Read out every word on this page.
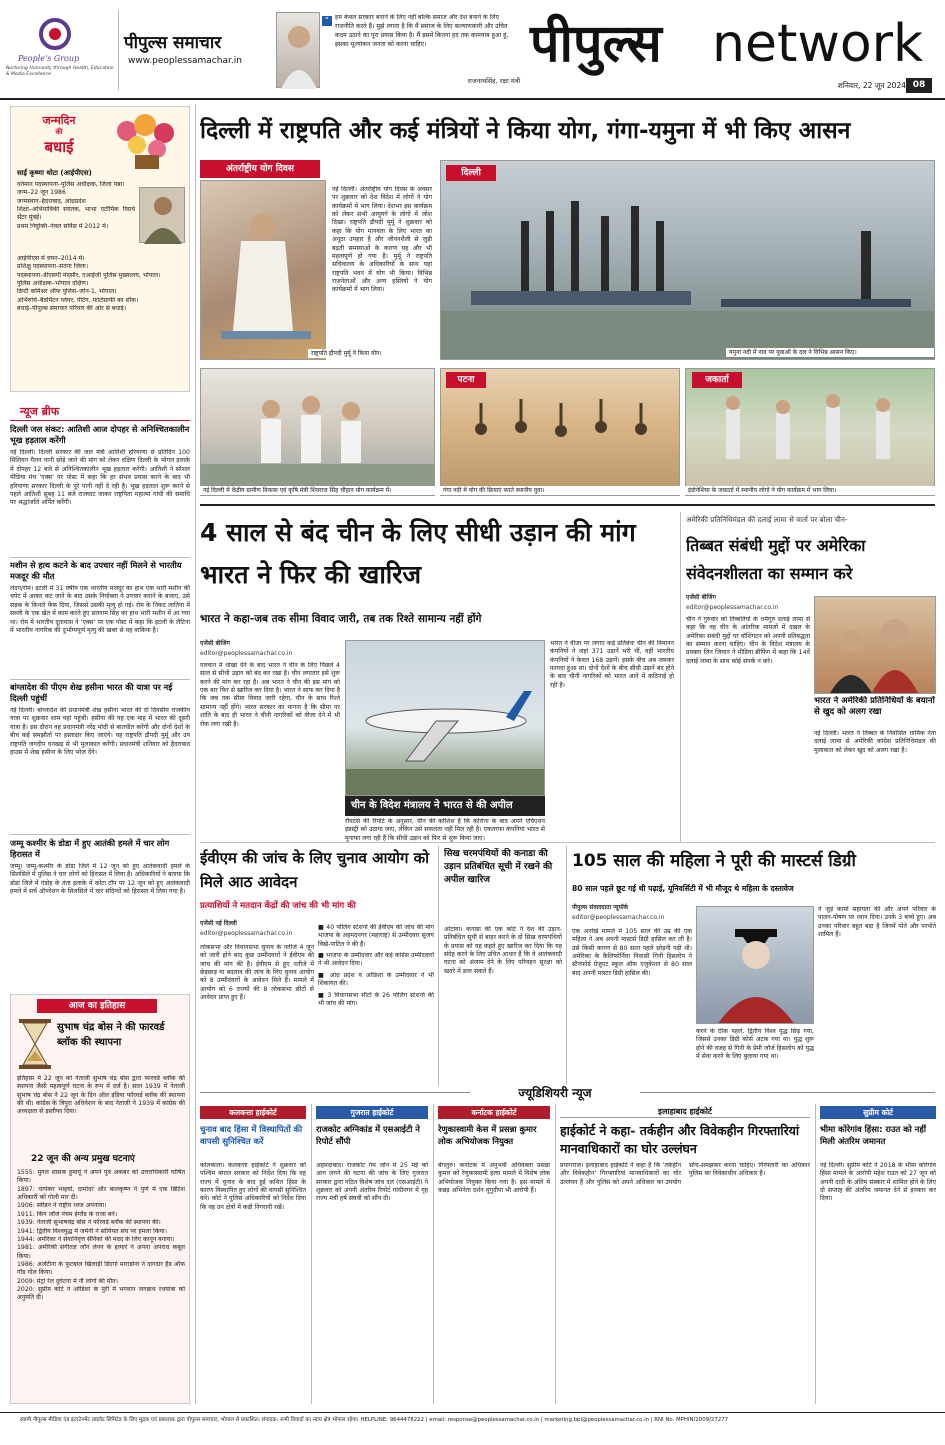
People's Group
Nurturing Humanity through Health, Education & Media Excellence
पीपुल्स समाचार
www.peoplessamachar.in
“ हम केवल सरकार बनाने के लिए नहीं बल्कि समाज और देश बनाने के लिए राजनीति करते हैं। मुझे लगता है कि मैं समाज के लिए कल्याणकारी और उचित कदम उठाने का पूरा प्रयास किया है। मैं इसमें कितना हद तक कामयाब हुआ हूं, इसका मूल्यांकन जनता को करना चाहिए।
राजनाथसिंह, रक्षा मंत्री
पीपुल्स network
शनिवार, 22 जून 2024 08
जन्मदिन
की
बधाई
साईं कृष्णा थोटा (आईपीएस)
वर्तमान पदस्थापना–पुलिस अधीक्षक, जिला पन्ना।
जन्म–22 जून 1986
जन्मस्थान–हैदराबाद, आंध्रप्रदेश
शिक्षा–अभियांत्रिकी स्नातक, भाभा एटॉमिक रिसर्च सेंटर मुंबई।
प्रथम नियुक्ति–नेवल सर्विस में 2012 में।
आईपीएस में चयन–2014 में।
प्रशिक्षु पदस्थापना–सतना जिला।
पदस्थापना–डीएसपी मंदसौर, एआईजी पुलिस मुख्यालय, भोपाल।
पुलिस अधीक्षक–भोपाल दक्षिण।
डिप्टी कमिश्नर ऑफ पुलिस–जोन-1, भोपाल।
अभिरुचि–बैडमिंटन प्लेयर, पेंटिंग, फोटोग्राफी का शौक।
बधाई–पीपुल्स समाचार परिवार की ओर से बधाई।
न्यूज ब्रीफ
दिल्ली जल संकट: आतिशी आज दोपहर से अनिश्चितकालीन भूख हड़ताल करेंगी
नई दिल्ली। दिल्ली सरकार की जल मंत्री आतिशी हरियाणा से प्रतिदिन 100 मिलियन गैलन पानी छोड़े जाने की मांग को लेकर दक्षिण दिल्ली के भोगल इलाके में दोपहर 12 बजे से अनिश्चितकालीन भूख हड़ताल करेंगी। आतिशी ने सोशल मीडिया मंच 'एक्स' पर पोस्ट में कहा कि हर संभव प्रयास करने के बाद भी हरियाणा सरकार दिल्ली के पूरे पानी नहीं दे रही है। भूख हड़ताल शुरू करने से पहले आतिशी सुबह 11 बजे राजघाट जाकर राष्ट्रपिता महात्मा गांधी की समाधि पर श्रद्धांजलि अर्पित करेंगी।
मशीन से हाथ कटने के बाद उपचार नहीं मिलने से भारतीय मजदूर की मौत
लंदन/रोम। इटली में 31 वर्षीय एक भारतीय मजदूर का हाथ एक भारी मशीन की चपेट में आकर कट जाने के बाद उसके नियोक्ता ने उपचार कराने के बजाए, उसे सड़क के किनारे फेंक दिया, जिससे उसकी मृत्यु हो गई। रोम के निकट लातिना में सब्जी के एक खेत में काम करते हुए सतनाम सिंह का हाथ भारी मशीन में आ गया था। रोम में भारतीय दूतावास ने 'एक्स' पर एक पोस्ट में कहा कि इटली के लैटिना में भारतीय नागरिक की दुर्भाग्यपूर्ण मृत्यु की खबर से वह वाकिफ है।
बांग्लादेश की पीएम शेख हसीना भारत की यात्रा पर नई दिल्ली पहुंचीं
नई दिल्ली। बांग्लादेश की प्रधानमंत्री शेख हसीना भारत की दो दिवसीय राजकीय यात्रा पर शुक्रवार शाम यहां पहुंचीं। हसीना की यह एक माह में भारत की दूसरी यात्रा है। इस दौरान वह प्रधानमंत्री नरेंद्र मोदी से बातचीत करेंगी और दोनों देशों के बीच कई समझौतों पर हस्ताक्षर किए जाएंगे। वह राष्ट्रपति द्रौपदी मुर्मू और उप राष्ट्रपति जगदीप धनखड़ से भी मुलाकात करेंगी। प्रधानमंत्री शनिवार को हैदराबाद हाउस में शेख हसीना के लिए भोज देंगे।
जम्मू कश्मीर के डोडा में हुए आतंकी हमले में चार लोग हिरासत में
जम्मू। जम्मू-कश्मीर के डोडा जिले में 12 जून को हुए आतंकवादी हमले के सिलसिले में पुलिस ने चार लोगों को हिरासत में लिया है। अधिकारियों ने बताया कि डोडा जिले में गंडोह के तंता इलाके में कोटा टॉप पर 12 जून को हुए आतंकवादी हमले में सर्च ऑपरेशन के सिलसिले में चार संदिग्धों को हिरासत में लिया गया है।
आज का इतिहास
सुभाष चंद्र बोस ने की फारवर्ड ब्लॉक की स्थापना
इतिहास में 22 जून को नेताजी सुभाष चंद्र बोस द्वारा फारवर्ड ब्लॉक की स्थापना जैसी महत्वपूर्ण घटना के रूप में दर्ज है। साल 1939 में नेताजी सुभाष चंद्र बोस ने 22 जून के दिन ऑल इंडिया फॉरवर्ड ब्लॉक की स्थापना की थी। कांग्रेस के त्रिपुरा अधिवेशन के बाद नेताजी ने 1939 में कांग्रेस की अध्यक्षता से इस्तीफा दिया।
22 जून की अन्य प्रमुख घटनाएं
1555: मुगल शासक हुमायूं ने अपने पुत्र अकबर को उत्तराधिकारी घोषित किया।
1897: चापेकर भाइयों, दामोदर और बालकृष्ण ने पुणे में एक ब्रिटिश अधिकारी को गोली मार दी।
1906: स्वीडन ने राष्ट्रीय ध्वज अपनाया।
1911: किंग जॉर्ज पंचम इंग्लैंड के राजा बने।
1939: नेताजी सुभाषचंद्र बोस ने फॉरवर्ड ब्लॉक की स्थापना की।
1941: द्वितीय विश्वयुद्ध में जर्मनी ने सोवियत संघ पर हमला किया।
1944: अमेरिका ने सेवानिवृत्त सैनिकों की मदद के लिए कानून बनाया।
1981: अमेरिकी संगीतज्ञ जॉन लेनन के हत्यारे ने अपना अपराध कबूल किया।
1986: अर्जेंटीना के फुटबाल खिलाड़ी डिएगो माराडोना ने दागदार हैंड ऑफ गॉड गोल किया।
2009: मेट्रो रेल दुर्घटना में नौ लोगों की मौत।
2020: सुप्रीम कोर्ट ने ओडिशा के पुरी में भगवान जगन्नाथ रथयात्रा को अनुमति दी।
दिल्ली में राष्ट्रपति और कई मंत्रियों ने किया योग, गंगा-यमुना में भी किए आसन
अंतर्राष्ट्रीय योग दिवस
नई दिल्ली। अंतर्राष्ट्रीय योग दिवस के अवसर पर शुक्रवार को देश विदेश में लोगों ने योग कार्यक्रमों में भाग लिया। देशभर इस कार्यक्रम को लेकर सभी आयुवर्ग के लोगों में जोश दिखा। राष्ट्रपति द्रौपदी मुर्मू ने शुक्रवार को कहा कि योग मानवता के लिए भारत का अनूठा उपहार है और जीवनशैली से जुड़ी बढ़ती समस्याओं के कारण यह और भी महत्वपूर्ण हो गया है। मुर्मू ने राष्ट्रपति सचिवालय के अधिकारियों के साथ यहां राष्ट्रपति भवन में योग भी किया। विभिन्न राजनेताओं और अन्य हस्तियों ने योग कार्यक्रमों में भाग लिया।
राष्ट्रपति द्रौपदी मुर्मू ने किया योग।
दिल्ली
यमुना नदी में नाव पर युवाओं के दल ने विभिन्न आसन किए।
नई दिल्ली में केंद्रीय ग्रामीण विकास एवं कृषि मंत्री शिवराज सिंह चौहान योग कार्यक्रम में।
पटना
गंगा नदी में योग की क्रियाएं करते स्थानीय युवा।
जकार्ता
इंडोनेशिया के जकार्ता में स्थानीय लोगों ने योग कार्यक्रम में भाग लिया।
4 साल से बंद चीन के लिए सीधी उड़ान की मांग भारत ने फिर की खारिज
भारत ने कहा-जब तक सीमा विवाद जारी, तब तक रिश्ते सामान्य नहीं होंगे
एजेंसी बीजिंग
editor@peoplessamachar.co.in
गलवान में धोखा देने के बाद भारत ने चीन के लिए पिछले 4 साल से सीधी उड़ान को बंद कर रखा है। चीन लगातार इसे शुरू करने की मांग कर रहा है। अब भारत ने चीन की इस मांग को एक बार फिर से खारिज कर दिया है। भारत ने साफ कर दिया है कि जब तक सीमा विवाद जारी रहेगा, चीन के साथ रिश्ते सामान्य नहीं होंगे। भारत सरकार का मानना है कि सीमा पर शांति के बाद ही भारत ने चीनी नागरिकों को वीजा देने में भी रोक लगा रखी है।
चीन के विदेश मंत्रालय ने भारत से की अपील
रॉयटर्स की रिपोर्ट के अनुसार, चीन की कोशिश है कि कोरोना के बाद अपने एविएशन इंडस्ट्री को उठाया जाए, लेकिन उसे सफलता नहीं मिल रही है। एकतरफा कंपनियां भारत से मुनाफा लगा रही हैं कि सीधी उड़ान को फिर से शुरू किया जाए।
भारत ने वीजा पर लगाए कड़े प्रतिबंधः चीन की विमानन कंपनियों ने जहां 371 उड़ानें भरी थीं, वहीं भारतीय कंपनियों ने केवल 168 उड़ानें। इसके बीच अब जमकर फायदा हुआ था। दोनों देशों के बीच सीधी उड़ानें बंद होने के बाद चीनी नागरिकों को भारत आने में कठिनाई हो रही है।
अमेरिकी प्रतिनिधिमंडल की दलाई लामा से वार्ता पर बोला चीन-
तिब्बत संबंधी मुद्दों पर अमेरिका संवेदनशीलता का सम्मान करे
एजेंसी बीजिंग
editor@peoplessamachar.co.in
चीन ने गुरुवार को तिब्बतियों के धर्मगुरु दलाई लामा से कहा कि वह चीन के आंतरिक मामलों में दखल के अमेरिका सबंधी मुद्दों पर वॉशिंगटन को अपनी प्रतिबद्धता का सम्मान करना चाहिए। चीन के विदेश मंत्रालय के प्रवक्ता लिन जियान ने मीडिया ब्रीफिंग में कहा कि 14वें दलाई लामा के साथ कोई संपर्क न करे।
भारत ने अमेरिकी प्रतिनिधियों के बयानों से खुद को अलग रखा
नई दिल्ली। भारत ने तिब्बत के निर्वासित धार्मिक नेता दलाई लामा से अमेरिकी कांग्रेस प्रतिनिधिमंडल की मुलाकात को लेकर खुद को अलग रखा है।
ईवीएम की जांच के लिए चुनाव आयोग को मिले आठ आवेदन
प्रत्याशियों ने मतदान केंद्रों की जांच की भी मांग की
एजेंसी नई दिल्ली
editor@peoplessamachar.co.in
लोकसभा और विधानसभा चुनाव के नतीजे 4 जून को जारी होने बाद कुछ उम्मीदवारों ने ईवीएम की जांच की मांग की है। ईवीएम से हुए नतीजे में छेड़छाड़ या बदलाव की जांच के लिए चुनाव आयोग को 8 उम्मीदवारों के आवेदन मिले हैं। मामले में आयोग को 6 राज्यों की 8 लोकसभा सीटों से आवेदन प्राप्त हुए हैं।
■ 40 पोलिंग स्टेशनों की ईवीएम की जांच की मांग भाजपा के अहमदनगर (महाराष्ट्र) से उम्मीदवार सुजय विखे-पाटिल ने की है।
■ भाजपा के उम्मीदवार और कई कांग्रेस उम्मीदवारों ने भी आवेदन दिया।
■ आंध्र प्रदेश व ओडिशा के उम्मीदवार ने भी शिकायत की।
■ 3 विधानसभा सीटों के 26 पोलिंग स्टेशनों की भी जांच की मांग।
सिख चरमपंथियों की कनाडा की उड़ान प्रतिबंधित सूची में रखने की अपील खारिज
ओटावा। कनाडा की एक कोर्ट ने देश की उड़ान-प्रतिबंधित सूची से बाहर करने के दो सिख चरमपंथियों के प्रयास को यह कहते हुए खारिज कर दिया कि यह संदेह करने के लिए उचित आधार हैं कि वे आतंकवादी घटना को अंजाम देने के लिए परिवहन सुरक्षा को खतरे में डाल सकते हैं।
105 साल की महिला ने पूरी की मास्टर्स डिग्री
80 साल पहले छूट गई थी पढ़ाई, यूनिवर्सिटी में भी मौजूद थे महिला के दस्तावेज
पीपुल्स संवाददाता न्यूयॉर्क
editor@peoplessamachar.co.in
एक अनोखे मामले में 105 साल की उम्र की एक महिला ने अब अपनी मास्टर्स डिग्री हासिल कर ली है। उसे किसी कारण से 80 साल पहले छोड़नी पड़ी थी। अमेरिका के कैलिफोर्निया निवासी गिनी हिसलोप ने स्टैनफोर्ड ग्रेजुएट स्कूल ऑफ एजुकेशन से 80 साल बाद अपनी मास्टर डिग्री हासिल की।
करने के ठीक पहले, द्वितीय विश्व युद्ध छिड़ गया, जिससे उनका डिग्री कोर्स अटक गया था। युद्ध शुरू होने की वजह से गिनी के प्रेमी जॉर्ज हिसलोप को युद्ध में सेवा करने के लिए बुलाया गया था।
ने जुड़े कामों सहायता की और अपने परिवार के पालन-पोषण पर ध्यान दिया। उनके 3 बच्चे हुए। अब उनका परिवार बहुत बड़ा है जिनमें पोते और परपोते शामिल हैं।
ज्यूडिशियरी न्यूज
कलकत्ता हाईकोर्ट
चुनाव बाद हिंसा में विस्थापितों की वापसी सुनिश्चित करें
कोलकाता। कलकत्ता हाईकोर्ट ने शुक्रवार को पश्चिम बंगाल सरकार को निर्देश दिया कि वह राज्य में चुनाव के बाद हुई कथित हिंसा के कारण विस्थापित हुए लोगों की वापसी सुनिश्चित करे। कोर्ट ने पुलिस अधिकारियों को निर्देश दिया कि वह उन क्षेत्रों में कड़ी निगरानी रखें।
गुजरात हाईकोर्ट
राजकोट अग्निकांड में एसआईटी ने रिपोर्ट सौंपी
अहमदाबाद। राजकोट गेम जोन में 25 मई को आग लगने की घटना की जांच के लिए गुजरात सरकार द्वारा गठित विशेष जांच दल (एसआईटी) ने शुक्रवार को अपनी अंतरिम रिपोर्ट गांधीनगर में गृह राज्य मंत्री हर्ष संघवी को सौंप दी।
कर्नाटक हाईकोर्ट
रेणुकास्वामी केस में प्रसन्ना कुमार लोक अभियोजक नियुक्त
बेंगलुरु। कर्नाटक में अनुभवी अधिवक्ता प्रसन्ना कुमार को रेणुकास्वामी हत्या मामले में विशेष लोक अभियोजक नियुक्त किया गया है। इस मामले में कन्नड़ अभिनेता दर्शन थूगुदीपा भी आरोपी हैं।
इलाहाबाद हाईकोर्ट
हाईकोर्ट ने कहा- तर्कहीन और विवेकहीन गिरफ्तारियां मानवाधिकारों का घोर उल्लंघन
प्रयागराज। इलाहाबाद हाईकोर्ट ने कहा है कि 'तर्कहीन और विवेकहीन' गिरफ्तारियां मानवाधिकारों का घोर उल्लंघन हैं और पुलिस को अपने अधिकार का उपयोग सोच-समझकर करना चाहिए। गिरफ्तारी का अधिकार पुलिस का विवेकाधीन अधिकार है।
सुप्रीम कोर्ट
भीमा कोरेगांव हिंसा: राउत को नहीं मिली अंतरिम जमानत
नई दिल्ली। सुप्रीम कोर्ट ने 2018 के भीमा कोरेगांव हिंसा मामले के आरोपी महेश राउत को 27 जून को अपनी दादी के अंतिम संस्कार में शामिल होने के लिए दो सप्ताह की अंतरिम जमानत देने से इनकार कर दिया।
स्वामी पीपुल्स मीडिया एंड इंटरटेनमेंट प्राइवेट लिमिटेड के लिए मुद्रक एवं प्रकाशक द्वारा पीपुल्स समाचार, भोपाल से प्रकाशित। संपादक: सभी विवादों का न्याय क्षेत्र भोपाल रहेगा। HELPLINE: 9644478222 | email: response@peoplessamachar.co.in | marketing.bpl@peoplessamachar.co.in | RNI No. MPHIN/2009/27277
